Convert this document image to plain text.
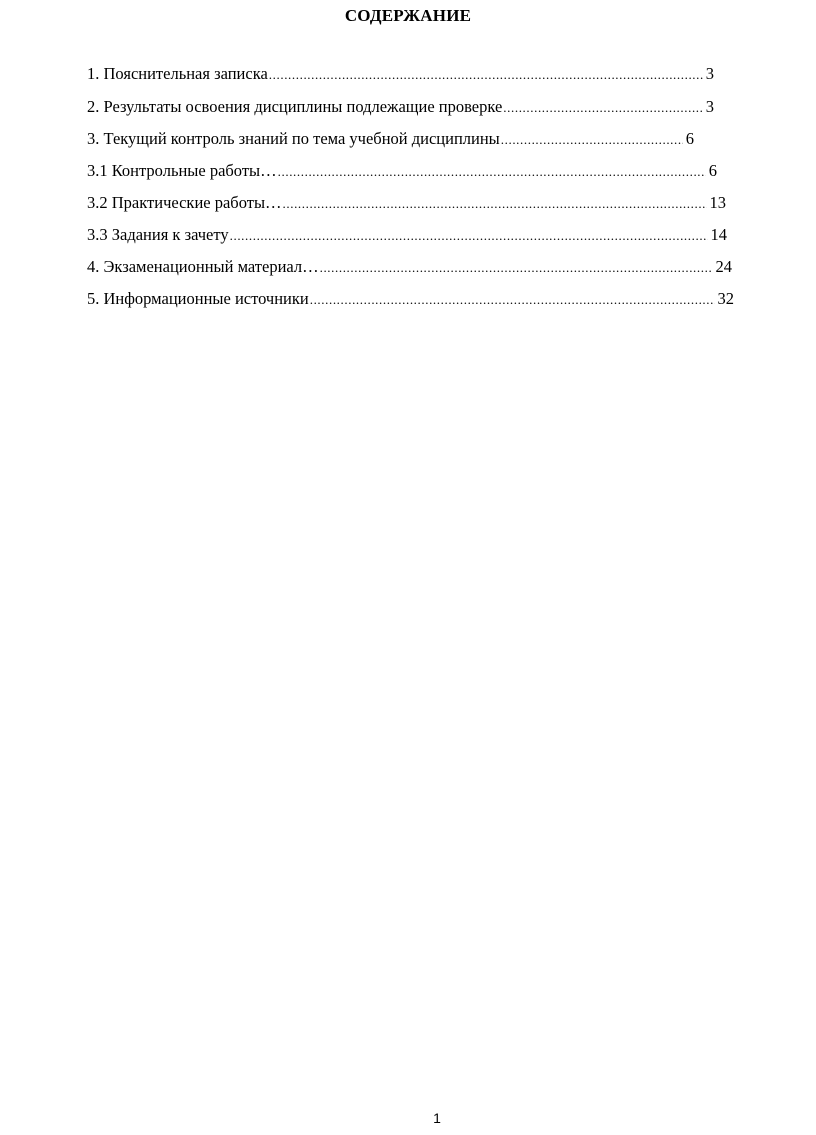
СОДЕРЖАНИЕ
1. Пояснительная записка .....	3
2. Результаты освоения дисциплины подлежащие проверке .....	3
3. Текущий контроль знаний по тема учебной дисциплины .....	6
3.1 Контрольные работы… .....	6
3.2 Практические работы… .....	13
3.3 Задания к зачету .....	14
4. Экзаменационный материал… .....	24
5. Информационные источники .....	32
1
